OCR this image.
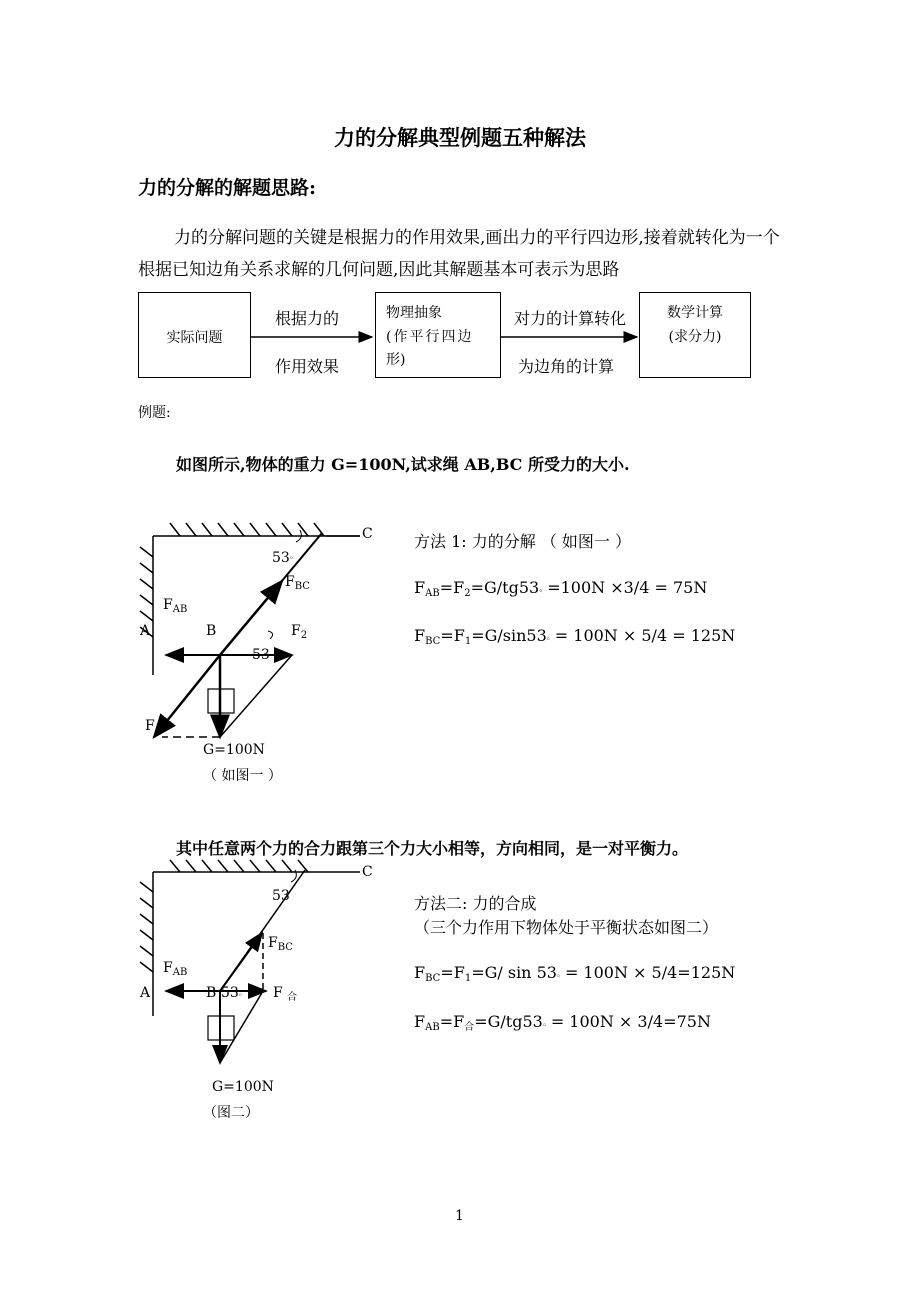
力的分解典型例题五种解法
力的分解的解题思路:
力的分解问题的关键是根据力的作用效果,画出力的平行四边形,接着就转化为一个根据已知边角关系求解的几何问题,因此其解题基本可表示为思路
实际问题
根据力的
作用效果
物理抽象
(作平行四边
形)
对力的计算转化
为边角的计算
数学计算
(求分力)
例题:
如图所示,物体的重力 G=100N,试求绳 AB,BC 所受力的大小.
C
53。
$F_{BC}$
$F_{AB}$
A	B	$F_2$
53
$F_1$
G=100N
（ 如图一 ）
方法 1: 力的分解 （ 如图一 ）
$F_{AB}=F_2=G/tg53$。=100N ×3/4 = 75N
$F_{BC}=F_1=G/\sin 53$。= 100N × 5/4 = 125N
其中任意两个力的合力跟第三个力大小相等，方向相同，是一对平衡力。
C
53
$F_{BC}$
$F_{AB}$
A	B 53。 F $_合$
G=100N
（图二）
方法二: 力的合成
（三个力作用下物体处于平衡状态如图二）
$F_{BC}=F_1=G/$ sin 53。= 100N × 5/4=125N
$F_{AB}=F_合=G/tg53$。= 100N × 3/4=75N
1
